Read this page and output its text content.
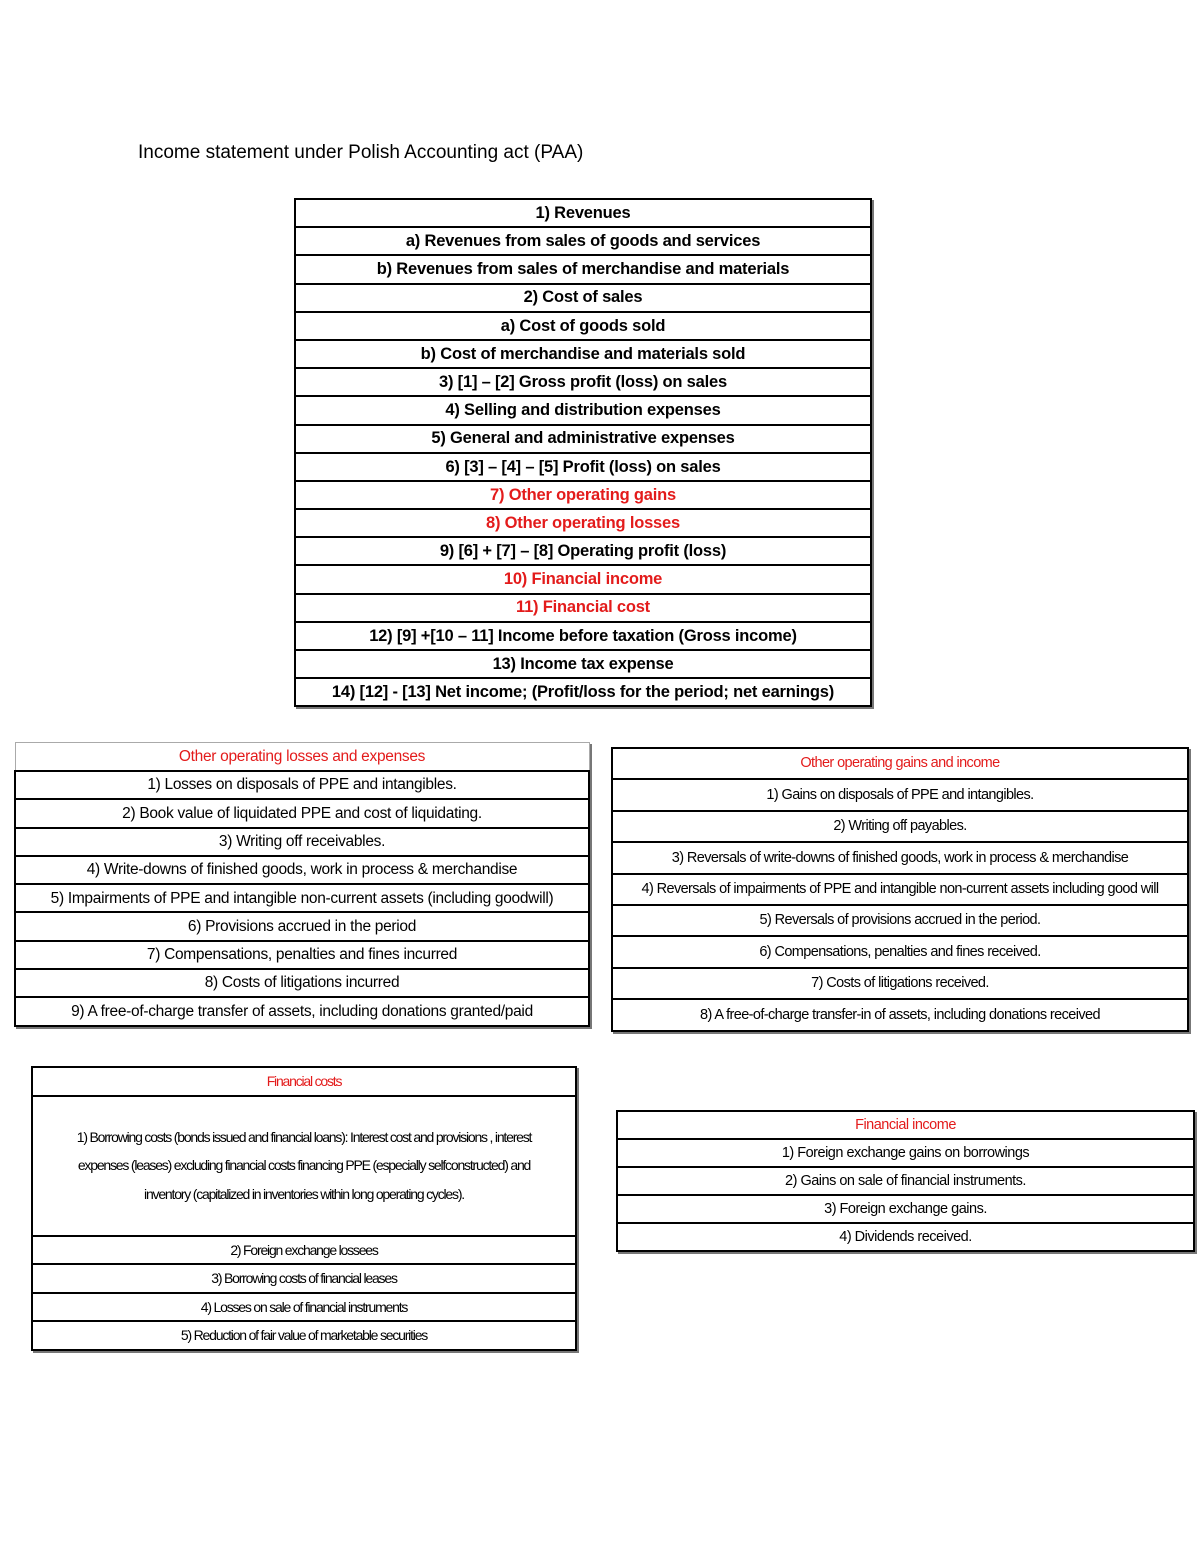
Income statement under Polish Accounting act (PAA)
1) Revenues
a) Revenues from sales of goods and services
b) Revenues from sales of merchandise and materials
2) Cost of sales
a) Cost of goods sold
b) Cost of merchandise and materials sold
3) [1] – [2] Gross profit (loss) on sales
4) Selling and distribution expenses
5) General and administrative expenses
6) [3] – [4] – [5] Profit (loss) on sales
7) Other operating gains
8) Other operating losses
9) [6] + [7] – [8] Operating profit (loss)
10) Financial income
11) Financial cost
12) [9] +[10 – 11] Income before taxation (Gross income)
13) Income tax expense
14) [12] - [13] Net income; (Profit/loss for the period; net earnings)
Other operating losses and expenses
1) Losses on disposals of PPE and intangibles.
2) Book value of liquidated PPE and cost of liquidating.
3) Writing off receivables.
4) Write-downs of finished goods, work in process & merchandise
5) Impairments of PPE and intangible non-current assets (including goodwill)
6) Provisions accrued in the period
7) Compensations, penalties and fines incurred
8) Costs of litigations incurred
9) A free-of-charge transfer of assets, including donations granted/paid
Other operating gains and income
1) Gains on disposals of PPE and intangibles.
2) Writing off payables.
3) Reversals of write-downs of finished goods, work in process & merchandise
4) Reversals of impairments of PPE and intangible non-current assets including good will
5) Reversals of provisions accrued in the period.
6) Compensations, penalties and fines received.
7) Costs of litigations received.
8) A free-of-charge transfer-in of assets, including donations received
Financial costs
1) Borrowing costs (bonds issued and financial loans): Interest cost and provisions , interest expenses (leases) excluding financial costs financing PPE (especially selfconstructed) and inventory (capitalized in inventories within long operating cycles).
2) Foreign exchange lossees
3) Borrowing costs of financial leases
4) Losses on sale of financial instruments
5) Reduction of fair value of marketable securities
Financial income
1) Foreign exchange gains on borrowings
2) Gains on sale of financial instruments.
3) Foreign exchange gains.
4) Dividends received.
